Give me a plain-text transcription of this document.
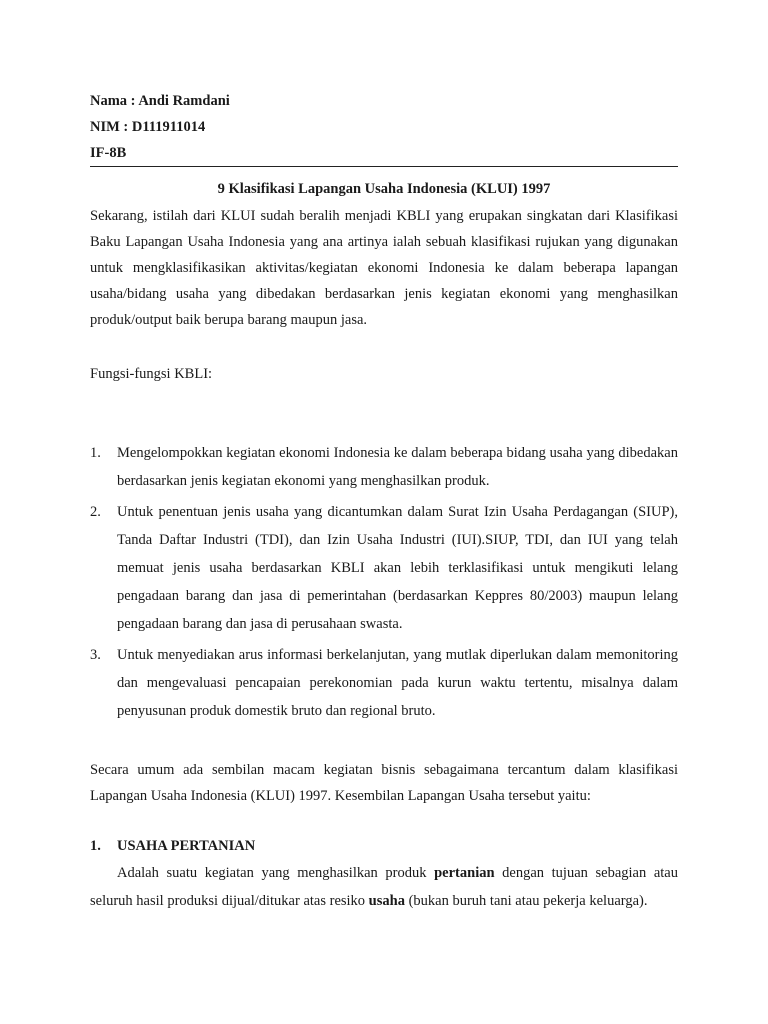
Nama : Andi Ramdani
NIM : D111911014
IF-8B
9 Klasifikasi Lapangan Usaha Indonesia (KLUI) 1997

Sekarang, istilah dari KLUI sudah beralih menjadi KBLI yang erupakan singkatan dari Klasifikasi Baku Lapangan Usaha Indonesia yang ana artinya ialah sebuah klasifikasi rujukan yang digunakan untuk mengklasifikasikan aktivitas/kegiatan ekonomi Indonesia ke dalam beberapa lapangan usaha/bidang usaha yang dibedakan berdasarkan jenis kegiatan ekonomi yang menghasilkan produk/output baik berupa barang maupun jasa.

Fungsi-fungsi KBLI:

1. Mengelompokkan kegiatan ekonomi Indonesia ke dalam beberapa bidang usaha yang dibedakan berdasarkan jenis kegiatan ekonomi yang menghasilkan produk.
2. Untuk penentuan jenis usaha yang dicantumkan dalam Surat Izin Usaha Perdagangan (SIUP), Tanda Daftar Industri (TDI), dan Izin Usaha Industri (IUI).SIUP, TDI, dan IUI yang telah memuat jenis usaha berdasarkan KBLI akan lebih terklasifikasi untuk mengikuti lelang pengadaan barang dan jasa di pemerintahan (berdasarkan Keppres 80/2003) maupun lelang pengadaan barang dan jasa di perusahaan swasta.
3. Untuk menyediakan arus informasi berkelanjutan, yang mutlak diperlukan dalam memonitoring dan mengevaluasi pencapaian perekonomian pada kurun waktu tertentu, misalnya dalam penyusunan produk domestik bruto dan regional bruto.

Secara umum ada sembilan macam kegiatan bisnis sebagaimana tercantum dalam klasifikasi Lapangan Usaha Indonesia (KLUI) 1997. Kesembilan Lapangan Usaha tersebut yaitu:

1. USAHA PERTANIAN

Adalah suatu kegiatan yang menghasilkan produk pertanian dengan tujuan sebagian atau seluruh hasil produksi dijual/ditukar atas resiko usaha (bukan buruh tani atau pekerja keluarga).
